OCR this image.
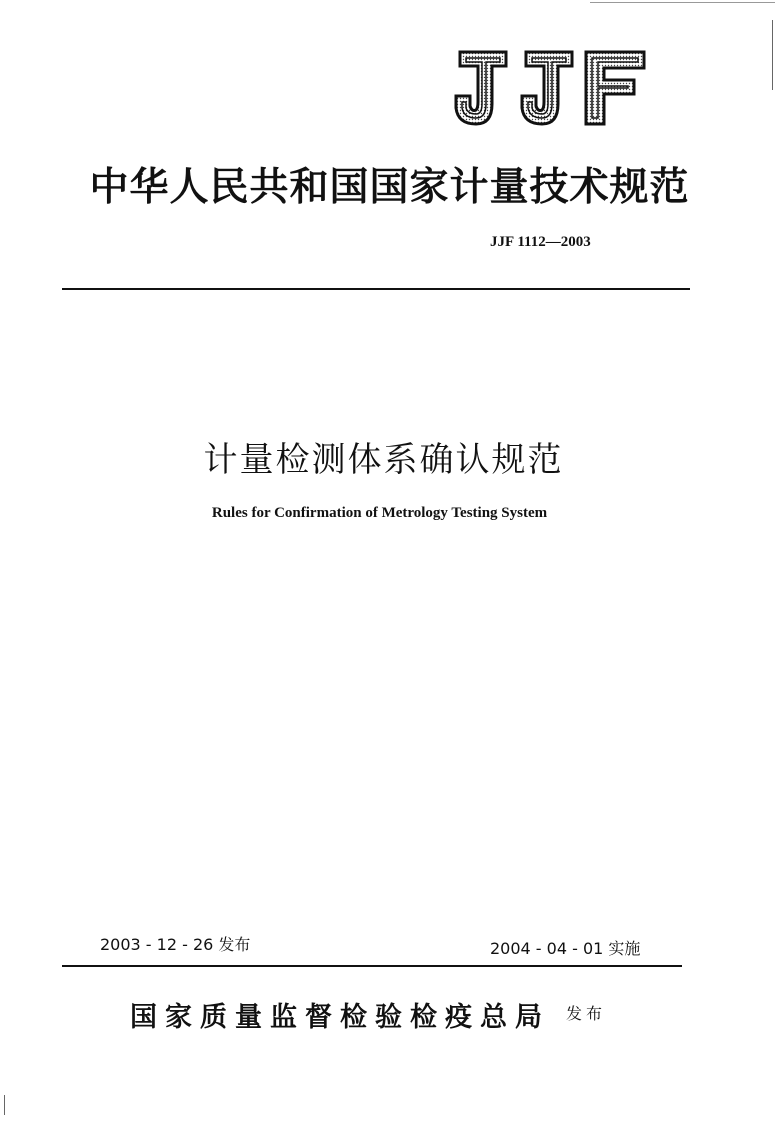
JJF
中华人民共和国国家计量技术规范
JJF 1112—2003
计量检测体系确认规范
Rules for Confirmation of Metrology Testing System
2003 - 12 - 26 发布	2004 - 04 - 01 实施
国家质量监督检验检疫总局 发布
